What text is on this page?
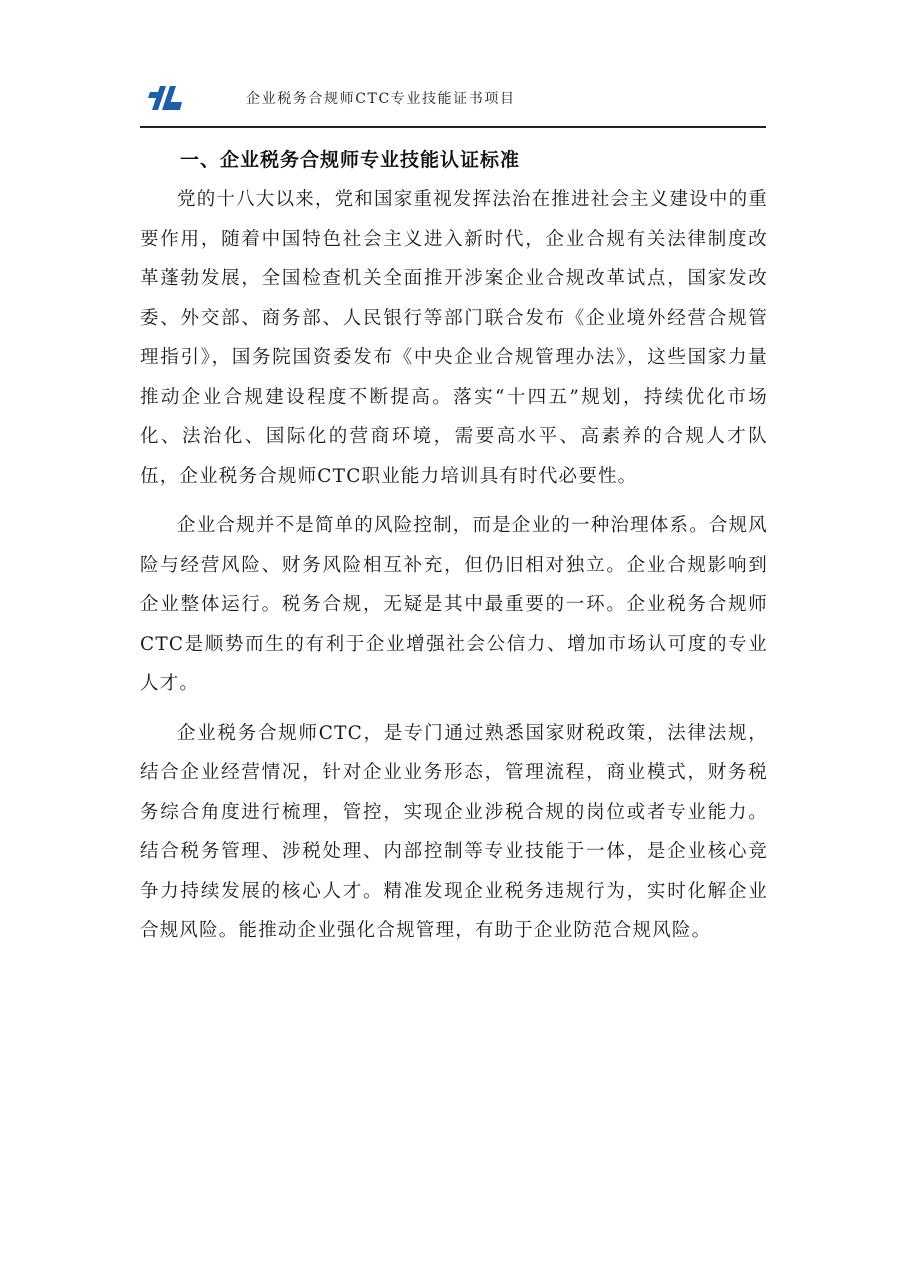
企业税务合规师CTC专业技能证书项目
一、企业税务合规师专业技能认证标准

党的十八大以来，党和国家重视发挥法治在推进社会主义建设中的重要作用，随着中国特色社会主义进入新时代，企业合规有关法律制度改革蓬勃发展，全国检查机关全面推开涉案企业合规改革试点，国家发改委、外交部、商务部、人民银行等部门联合发布《企业境外经营合规管理指引》，国务院国资委发布《中央企业合规管理办法》，这些国家力量推动企业合规建设程度不断提高。落实“十四五”规划，持续优化市场化、法治化、国际化的营商环境，需要高水平、高素养的合规人才队伍，企业税务合规师CTC职业能力培训具有时代必要性。

企业合规并不是简单的风险控制，而是企业的一种治理体系。合规风险与经营风险、财务风险相互补充，但仍旧相对独立。企业合规影响到企业整体运行。税务合规，无疑是其中最重要的一环。企业税务合规师CTC是顺势而生的有利于企业增强社会公信力、增加市场认可度的专业人才。

企业税务合规师CTC，是专门通过熟悉国家财税政策，法律法规，结合企业经营情况，针对企业业务形态，管理流程，商业模式，财务税务综合角度进行梳理，管控，实现企业涉税合规的岗位或者专业能力。结合税务管理、涉税处理、内部控制等专业技能于一体，是企业核心竞争力持续发展的核心人才。精准发现企业税务违规行为，实时化解企业合规风险。能推动企业强化合规管理，有助于企业防范合规风险。
